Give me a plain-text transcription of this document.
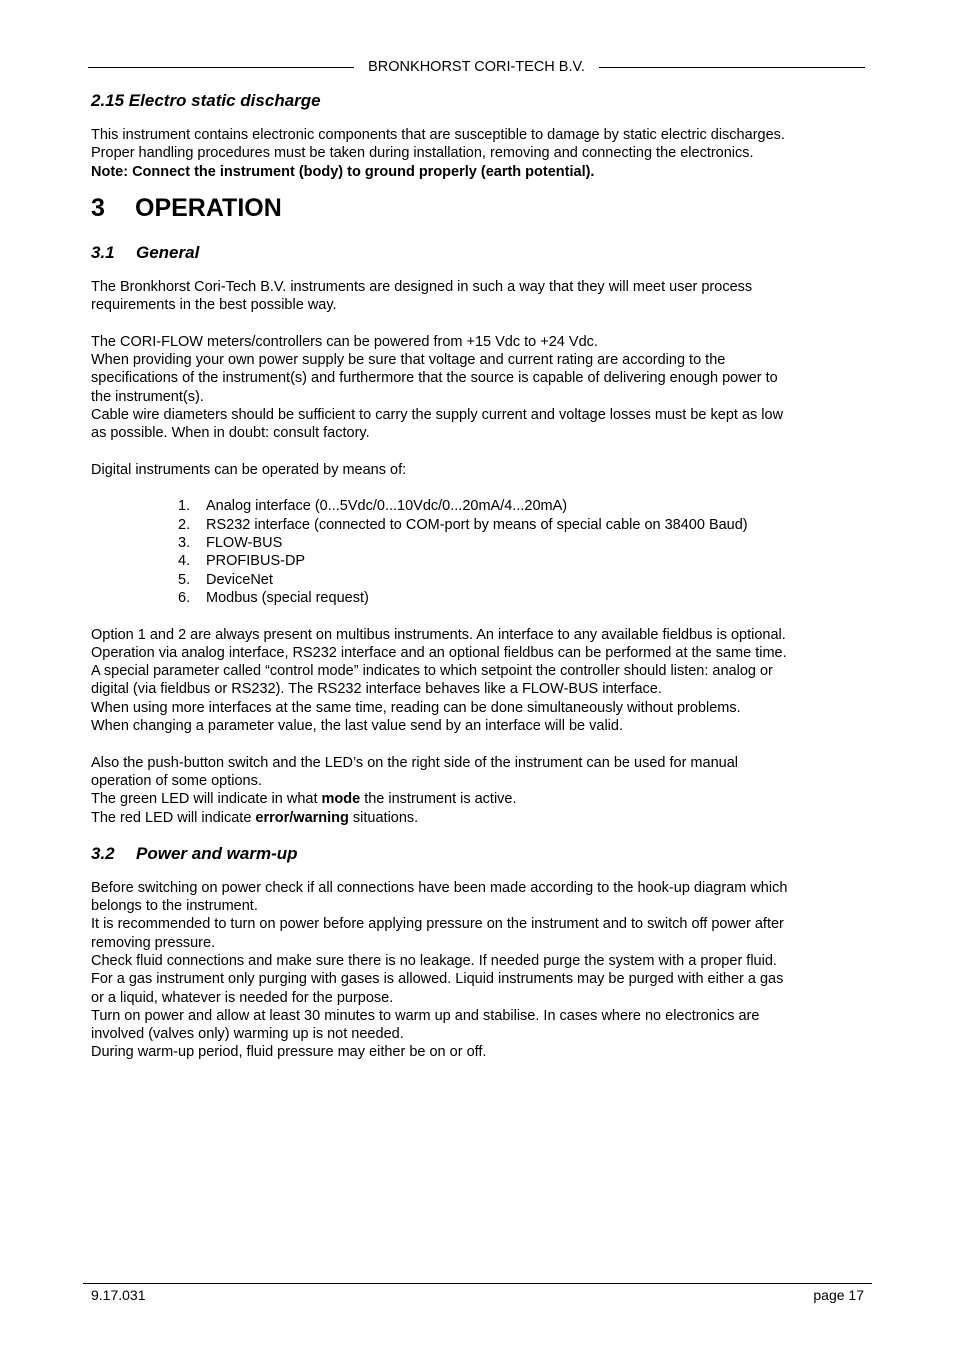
BRONKHORST CORI-TECH B.V.
2.15 Electro static discharge

This instrument contains electronic components that are susceptible to damage by static electric discharges.
Proper handling procedures must be taken during installation, removing and connecting the electronics.
Note: Connect the instrument (body) to ground properly (earth potential).

3 OPERATION
3.1 General

The Bronkhorst Cori-Tech B.V. instruments are designed in such a way that they will meet user process
requirements in the best possible way.
The CORI-FLOW meters/controllers can be powered from +15 Vdc to +24 Vdc.
When providing your own power supply be sure that voltage and current rating are according to the
specifications of the instrument(s) and furthermore that the source is capable of delivering enough power to
the instrument(s).
Cable wire diameters should be sufficient to carry the supply current and voltage losses must be kept as low
as possible. When in doubt: consult factory.
Digital instruments can be operated by means of:

1. Analog interface (0...5Vdc/0...10Vdc/0...20mA/4...20mA)
2. RS232 interface (connected to COM-port by means of special cable on 38400 Baud)
3. FLOW-BUS
4. PROFIBUS-DP
5. DeviceNet
6. Modbus (special request)

Option 1 and 2 are always present on multibus instruments. An interface to any available fieldbus is optional.
Operation via analog interface, RS232 interface and an optional fieldbus can be performed at the same time.
A special parameter called “control mode” indicates to which setpoint the controller should listen: analog or
digital (via fieldbus or RS232). The RS232 interface behaves like a FLOW-BUS interface.
When using more interfaces at the same time, reading can be done simultaneously without problems.
When changing a parameter value, the last value send by an interface will be valid.
Also the push-button switch and the LED’s on the right side of the instrument can be used for manual
operation of some options.
The green LED will indicate in what mode the instrument is active.
The red LED will indicate error/warning situations.

3.2 Power and warm-up

Before switching on power check if all connections have been made according to the hook-up diagram which
belongs to the instrument.
It is recommended to turn on power before applying pressure on the instrument and to switch off power after
removing pressure.
Check fluid connections and make sure there is no leakage. If needed purge the system with a proper fluid.
For a gas instrument only purging with gases is allowed. Liquid instruments may be purged with either a gas
or a liquid, whatever is needed for the purpose.
Turn on power and allow at least 30 minutes to warm up and stabilise. In cases where no electronics are
involved (valves only) warming up is not needed.
During warm-up period, fluid pressure may either be on or off.

9.17.031	page 17
